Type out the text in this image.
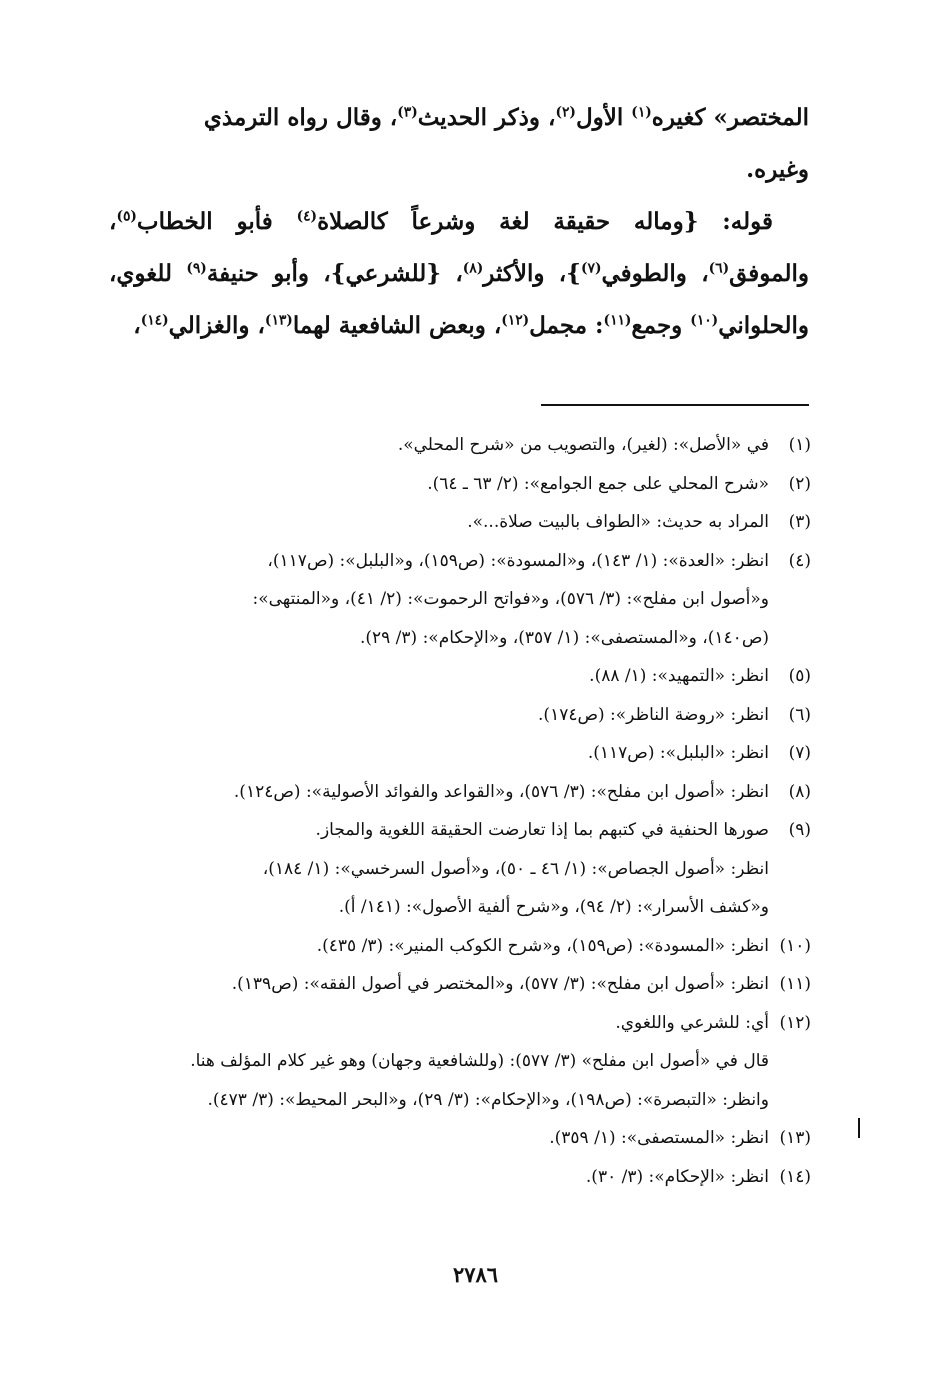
المختصر» كغيره$^{(١)}$ الأول$^{(٢)}$، وذكر الحديث$^{(٣)}$، وقال رواه الترمذي
وغيره.

قوله: {وماله حقيقة لغة وشرعاً كالصلاة$^{(٤)}$ فأبو الخطاب$^{(٥)}$، والموفق$^{(٦)}$، والطوفي$^{(٧)}$}، والأكثر$^{(٨)}$، {للشرعي}، وأبو حنيفة$^{(٩)}$ للغوي، والحلواني$^{(١٠)}$ وجمع$^{(١١)}$: مجمل$^{(١٢)}$، وبعض الشافعية لهما$^{(١٣)}$، والغزالي$^{(١٤)}$،

(١)
في «الأصل»: (لغير)، والتصويب من «شرح المحلي».
(٢)
«شرح المحلي على جمع الجوامع»: (٢/ ٦٣ ـ ٦٤).
(٣)
المراد به حديث: «الطواف بالبيت صلاة...».
(٤)
انظر: «العدة»: (١/ ١٤٣)، و«المسودة»: (ص١٥٩)، و«البلبل»: (ص١١٧)،
و«أصول ابن مفلح»: (٣/ ٥٧٦)، و«فواتح الرحموت»: (٢/ ٤١)، و«المنتهى»:
(ص١٤٠)، و«المستصفى»: (١/ ٣٥٧)، و«الإحكام»: (٣/ ٢٩).
(٥)
انظر: «التمهيد»: (١/ ٨٨).
(٦)
انظر: «روضة الناظر»: (ص١٧٤).
(٧)
انظر: «البلبل»: (ص١١٧).
(٨)
انظر: «أصول ابن مفلح»: (٣/ ٥٧٦)، و«القواعد والفوائد الأصولية»: (ص١٢٤).
(٩)
صورها الحنفية في كتبهم بما إذا تعارضت الحقيقة اللغوية والمجاز.
انظر: «أصول الجصاص»: (١/ ٤٦ ـ ٥٠)، و«أصول السرخسي»: (١/ ١٨٤)،
و«كشف الأسرار»: (٢/ ٩٤)، و«شرح ألفية الأصول»: (١٤١/ أ).
(١٠)
انظر: «المسودة»: (ص١٥٩)، و«شرح الكوكب المنير»: (٣/ ٤٣٥).
(١١)
انظر: «أصول ابن مفلح»: (٣/ ٥٧٧)، و«المختصر في أصول الفقه»: (ص١٣٩).
(١٢)
أي: للشرعي واللغوي.
قال في «أصول ابن مفلح» (٣/ ٥٧٧): (وللشافعية وجهان) وهو غير كلام المؤلف هنا.
وانظر: «التبصرة»: (ص١٩٨)، و«الإحكام»: (٣/ ٢٩)، و«البحر المحيط»: (٣/ ٤٧٣).
(١٣)
انظر: «المستصفى»: (١/ ٣٥٩).
(١٤)
انظر: «الإحكام»: (٣/ ٣٠).
٢٧٨٦
